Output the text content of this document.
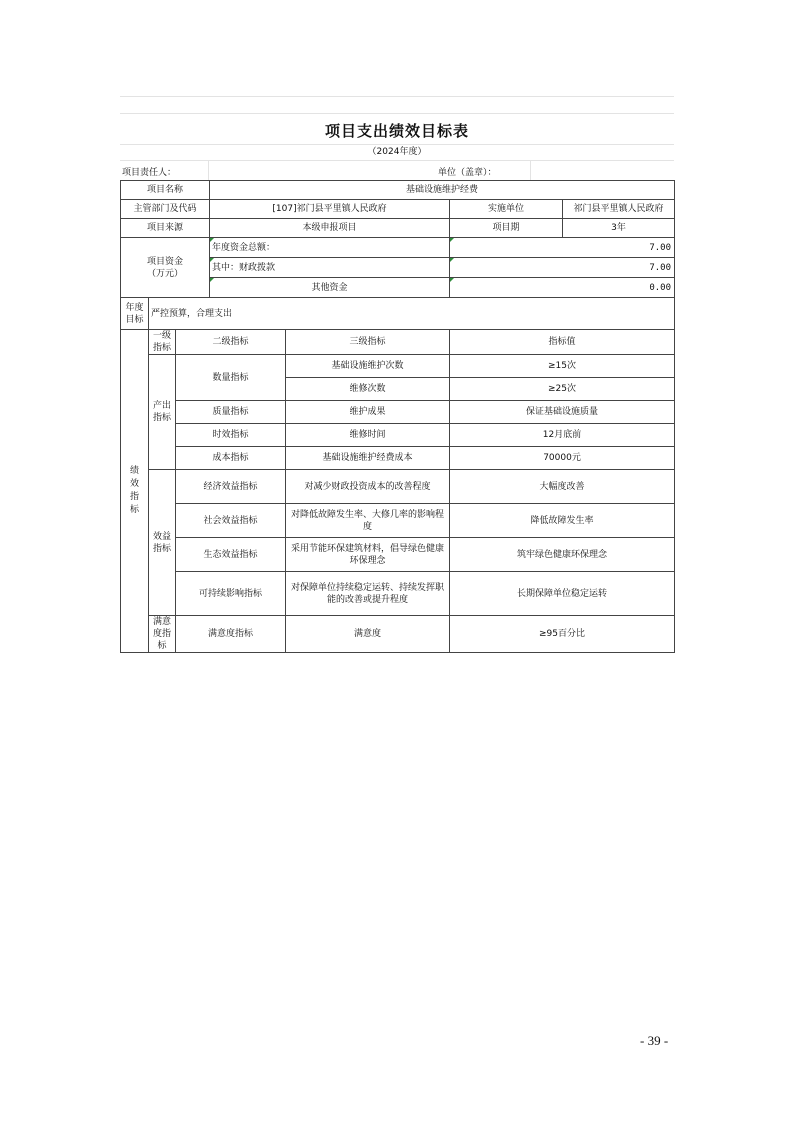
项目支出绩效目标表
（2024年度）
项目责任人：	单位（盖章）：
项目名称			基础设施维护经费			
主管部门及代码			[107]祁门县平里镇人民政府		实施单位	祁门县平里镇人民政府
项目来源			本级申报项目		项目期	3年
项目资金
（万元）			年度资金总额：		7.00	
			其中：财政拨款		7.00	
			其他资金		0.00	
年度目标	严控预算，合理支出					

绩效指标	一级指标	二级指标		三级指标	指标值	
	产出指标	数量指标		基础设施维护次数	≥15次	
				维修次数	≥25次	
		质量指标		维护成果	保证基础设施质量	
		时效指标		维修时间	12月底前	
		成本指标		基础设施维护经费成本	70000元	
	效益指标	经济效益指标		对减少财政投资成本的改善程度	大幅度改善	
		社会效益指标		对降低故障发生率、大修几率的影响程度	降低故障发生率	
		生态效益指标		采用节能环保建筑材料，倡导绿色健康环保理念	筑牢绿色健康环保理念	
		可持续影响指标		对保障单位持续稳定运转、持续发挥职能的改善或提升程度	长期保障单位稳定运转	
	满意度指标	满意度指标		满意度	≥95百分比	
- 39 -
